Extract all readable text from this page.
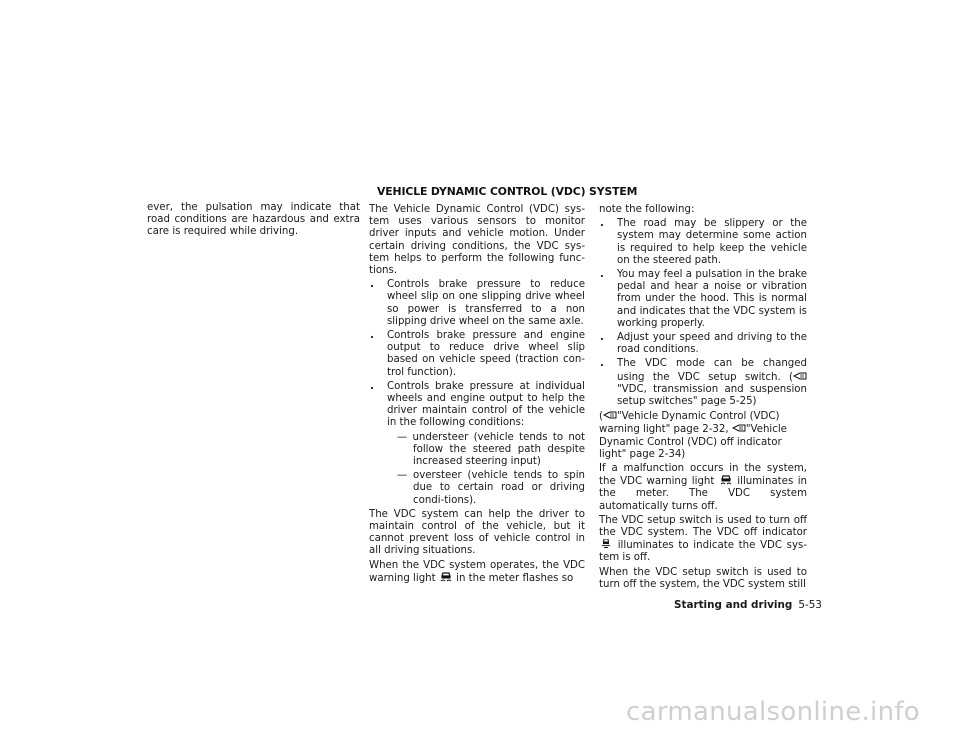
VEHICLE DYNAMIC CONTROL (VDC) SYSTEM

ever, the pulsation may indicate that road conditions are hazardous and extra care is required while driving.

The Vehicle Dynamic Control (VDC) sys-tem uses various sensors to monitor driver inputs and vehicle motion. Under certain driving conditions, the VDC sys-tem helps to perform the following func-tions.

. Controls brake pressure to reduce wheel slip on one slipping drive wheel so power is transferred to a non slipping drive wheel on the same axle.
. Controls brake pressure and engine output to reduce drive wheel slip based on vehicle speed (traction con-trol function).
. Controls brake pressure at individual wheels and engine output to help the driver maintain control of the vehicle in the following conditions:
— understeer (vehicle tends to not follow the steered path despite increased steering input)
— oversteer (vehicle tends to spin due to certain road or driving condi-tions).

The VDC system can help the driver to maintain control of the vehicle, but it cannot prevent loss of vehicle control in all driving situations.

When the VDC system operates, the VDC warning light in the meter flashes so

note the following:

. The road may be slippery or the system may determine some action is required to help keep the vehicle on the steered path.
. You may feel a pulsation in the brake pedal and hear a noise or vibration from under the hood. This is normal and indicates that the VDC system is working properly.
. Adjust your speed and driving to the road conditions.
. The VDC mode can be changed using the VDC setup switch. ("VDC, transmission and suspension setup switches" page 5-25)

( "Vehicle Dynamic Control (VDC) warning light" page 2-32, "Vehicle Dynamic Control (VDC) off indicator light" page 2-34)

If a malfunction occurs in the system, the VDC warning light illuminates in the meter. The VDC system automatically turns off.

The VDC setup switch is used to turn off the VDC system. The VDC off indicator  illuminates to indicate the VDC sys-tem is off.

When the VDC setup switch is used to turn off the system, the VDC system still

Starting and driving 5-53
carmanualsonline.info
